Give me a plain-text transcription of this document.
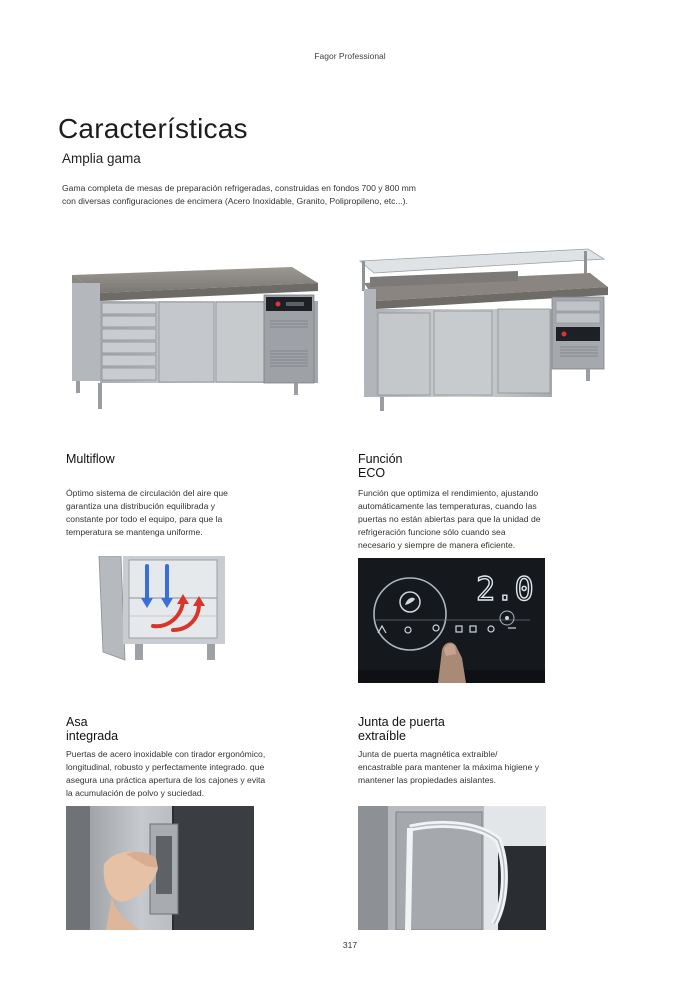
Fagor Professional
Características
Amplia gama
Gama completa de mesas de preparación refrigeradas, construidas en fondos 700 y 800 mm
con diversas configuraciones de encimera (Acero Inoxidable, Granito, Polipropileno, etc...).
Multiflow
Óptimo sistema de circulación del aire que
garantiza una distribución equilibrada y
constante por todo el equipo, para que la
temperatura se mantenga uniforme.
Función
ECO
Función que optimiza el rendimiento, ajustando
automáticamente las temperaturas, cuando las
puertas no están abiertas para que la unidad de
refrigeración funcione sólo cuando sea
necesario y siempre de manera eficiente.
2.0
Asa
integrada
Puertas de acero inoxidable con tirador ergonómico,
longitudinal, robusto y perfectamente integrado. que
asegura una práctica apertura de los cajones y evita
la acumulación de polvo y suciedad.
Junta de puerta
extraíble
Junta de puerta magnética extraíble/
encastrable para mantener la máxima higiene y
mantener las propiedades aislantes.
317
